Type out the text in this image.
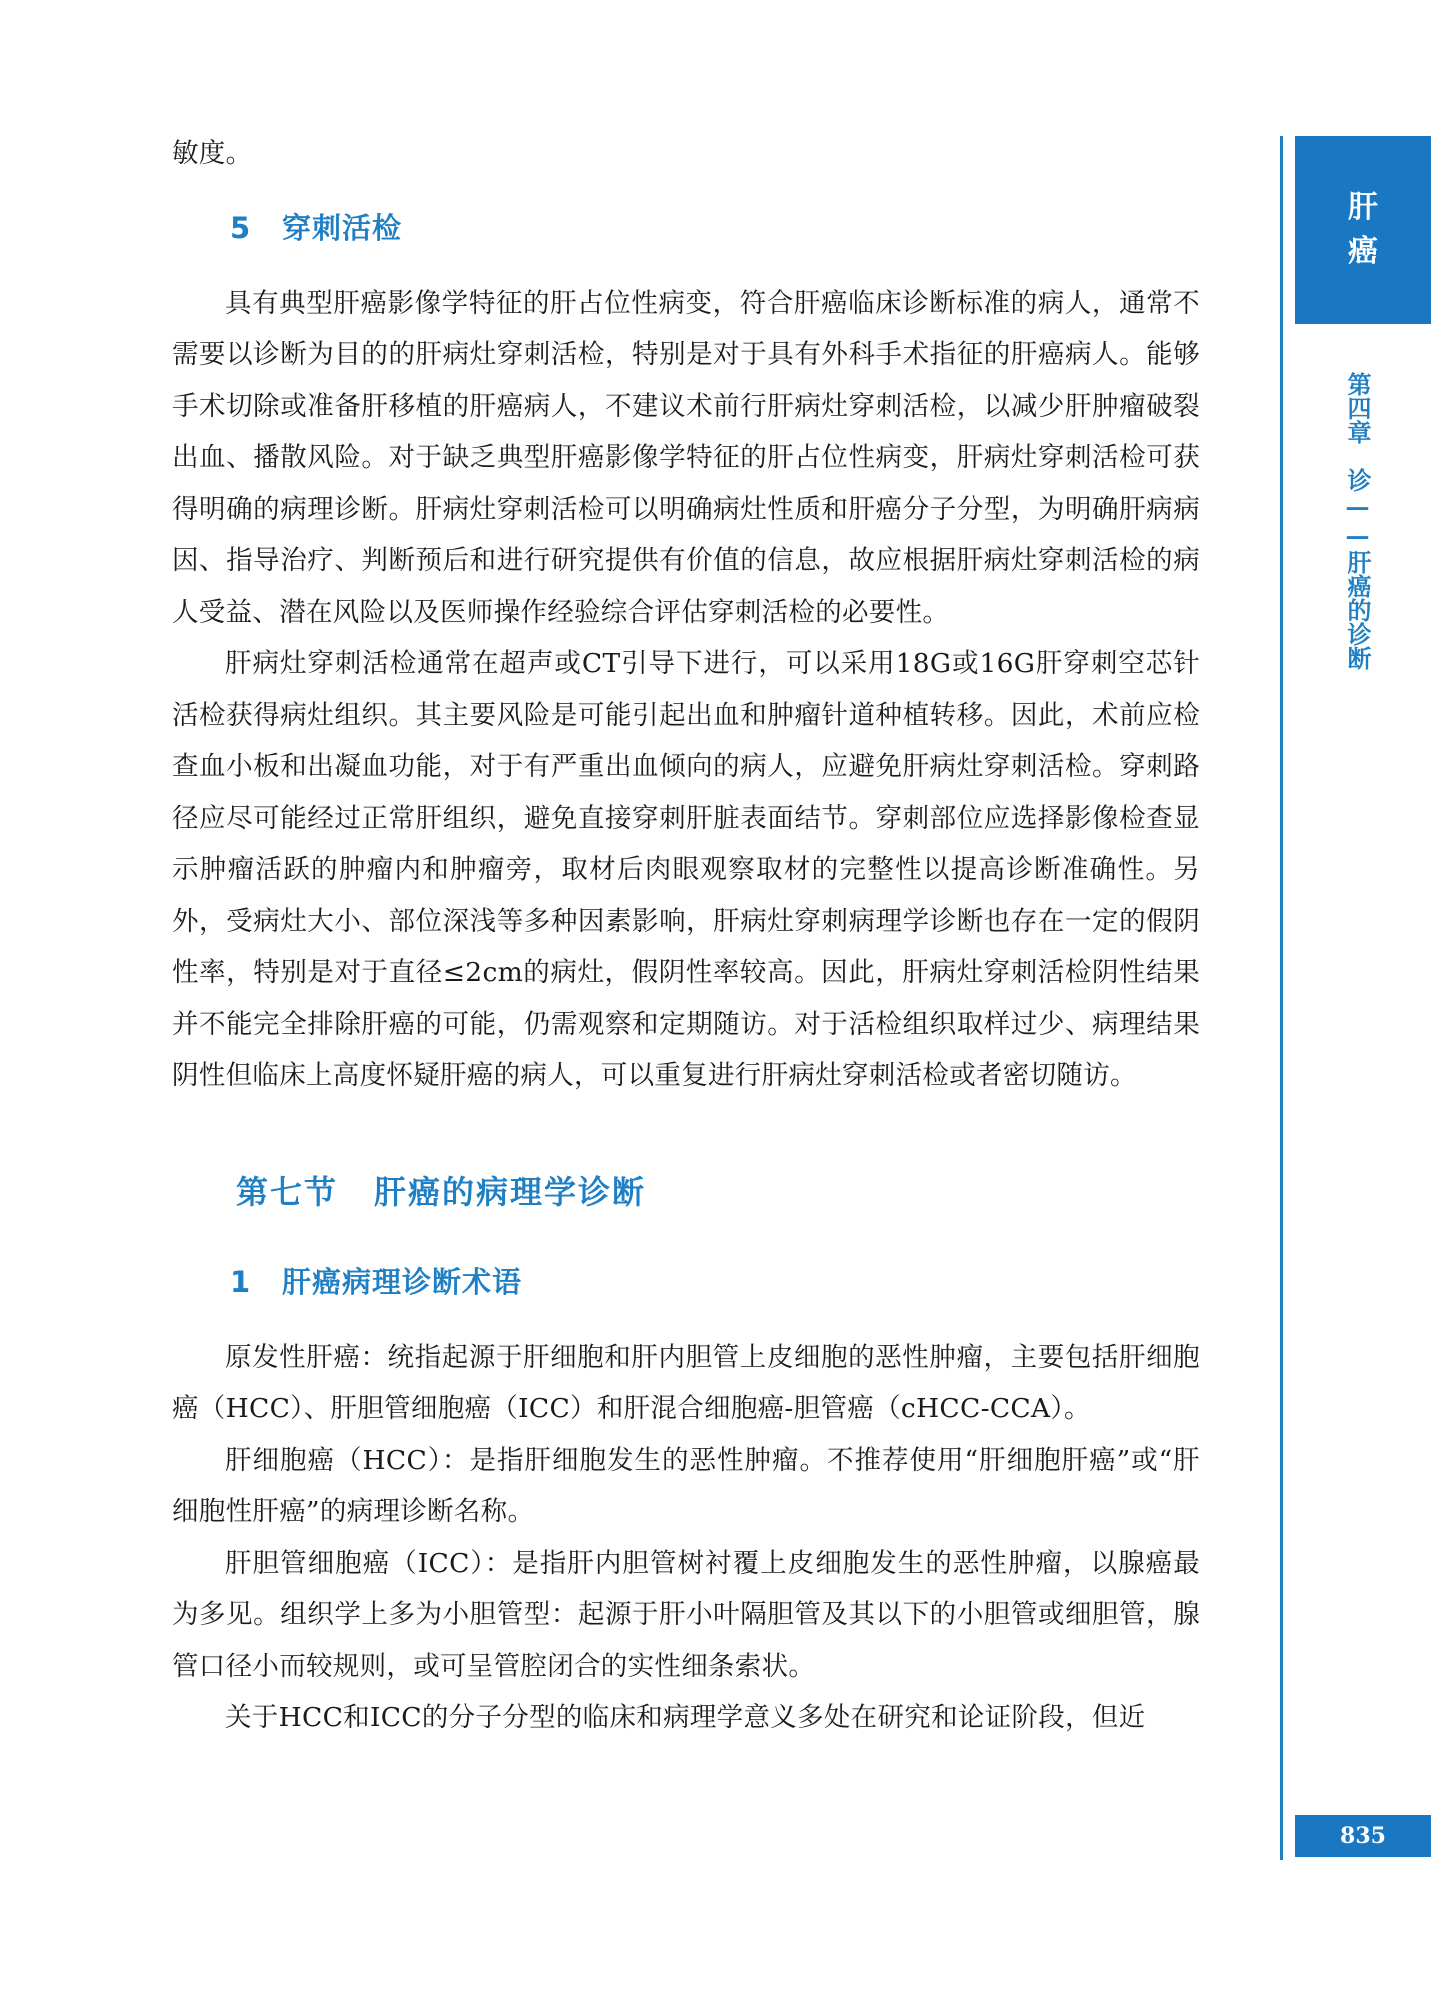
敏度。

5 穿刺活检

具有典型肝癌影像学特征的肝占位性病变，符合肝癌临床诊断标准的病人，通常不需要以诊断为目的的肝病灶穿刺活检，特别是对于具有外科手术指征的肝癌病人。能够手术切除或准备肝移植的肝癌病人，不建议术前行肝病灶穿刺活检，以减少肝肿瘤破裂出血、播散风险。对于缺乏典型肝癌影像学特征的肝占位性病变，肝病灶穿刺活检可获得明确的病理诊断。肝病灶穿刺活检可以明确病灶性质和肝癌分子分型，为明确肝病病因、指导治疗、判断预后和进行研究提供有价值的信息，故应根据肝病灶穿刺活检的病人受益、潜在风险以及医师操作经验综合评估穿刺活检的必要性。

肝病灶穿刺活检通常在超声或CT引导下进行，可以采用18G或16G肝穿刺空芯针活检获得病灶组织。其主要风险是可能引起出血和肿瘤针道种植转移。因此，术前应检查血小板和出凝血功能，对于有严重出血倾向的病人，应避免肝病灶穿刺活检。穿刺路径应尽可能经过正常肝组织，避免直接穿刺肝脏表面结节。穿刺部位应选择影像检查显示肿瘤活跃的肿瘤内和肿瘤旁，取材后肉眼观察取材的完整性以提高诊断准确性。另外，受病灶大小、部位深浅等多种因素影响，肝病灶穿刺病理学诊断也存在一定的假阴性率，特别是对于直径≤2cm的病灶，假阴性率较高。因此，肝病灶穿刺活检阴性结果并不能完全排除肝癌的可能，仍需观察和定期随访。对于活检组织取样过少、病理结果阴性但临床上高度怀疑肝癌的病人，可以重复进行肝病灶穿刺活检或者密切随访。

第七节 肝癌的病理学诊断
1 肝癌病理诊断术语

原发性肝癌：统指起源于肝细胞和肝内胆管上皮细胞的恶性肿瘤，主要包括肝细胞癌（HCC）、肝胆管细胞癌（ICC）和肝混合细胞癌-胆管癌（cHCC-CCA）。

肝细胞癌（HCC）：是指肝细胞发生的恶性肿瘤。不推荐使用“肝细胞肝癌”或“肝细胞性肝癌”的病理诊断名称。

肝胆管细胞癌（ICC）：是指肝内胆管树衬覆上皮细胞发生的恶性肿瘤，以腺癌最为多见。组织学上多为小胆管型：起源于肝小叶隔胆管及其以下的小胆管或细胆管，腺管口径小而较规则，或可呈管腔闭合的实性细条索状。

关于HCC和ICC的分子分型的临床和病理学意义多处在研究和论证阶段，但近

肝
癌
第四章　诊——肝癌的诊断
835
